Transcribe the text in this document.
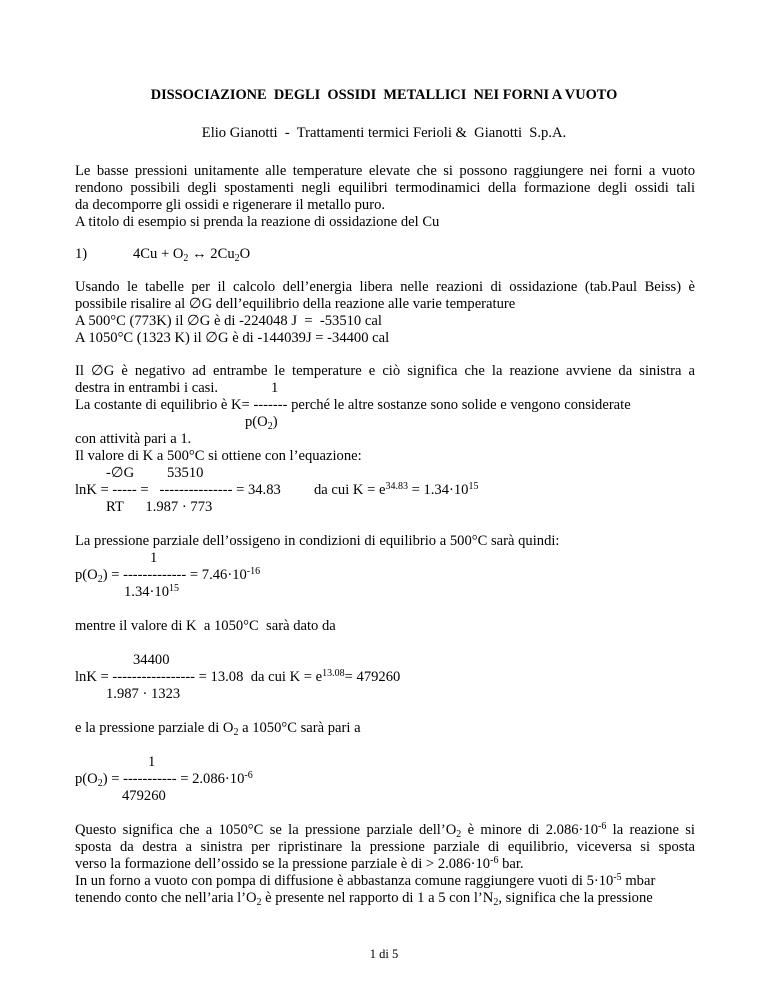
DISSOCIAZIONE  DEGLI  OSSIDI  METALLICI  NEI FORNI A VUOTO
Elio Gianotti  -  Trattamenti termici Ferioli &  Gianotti  S.p.A.
Le basse pressioni unitamente alle temperature elevate che si possono raggiungere nei forni a vuoto
rendono possibili degli spostamenti negli equilibri termodinamici della formazione degli ossidi tali
da decomporre gli ossidi e rigenerare il metallo puro.
A titolo di esempio si prenda la reazione di ossidazione del Cu
1)	$4Cu + O_2$ ↔ $2Cu_2O$
Usando le tabelle per il calcolo dell’energia libera nelle reazioni di ossidazione (tab.Paul Beiss) è
possibile risalire al ∅G dell’equilibrio della reazione alle varie temperature
A 500°C (773K) il ∅G è di -224048 J  =  -53510 cal
A 1050°C (1323 K) il ∅G è di -144039J = -34400 cal
Il ∅G è negativo ad entrambe le temperature e ciò significa che la reazione avviene da sinistra a
destra in entrambi i casi.	1
La costante di equilibrio è K= ------- perché le altre sostanze sono solide e vengono considerate
$p(O_2)$
con attività pari a 1.
Il valore di K a 500°C si ottiene con l’equazione:
-∅G         53510
lnK = ----- =   --------------- = 34.83 da cui $K = e^{34.83} = 1.34\cdot 10^{15}$
RT      1.987 · 773
La pressione parziale dell’ossigeno in condizioni di equilibrio a 500°C sarà quindi:
1
$p(O_2)$ = ------------- = $7.46\cdot 10^{-16}$
$1.34\cdot 10^{15}$
mentre il valore di K  a 1050°C  sarà dato da
34400
lnK = ----------------- = 13.08  da cui $K = e^{13.08}= 479260$
1.987 · 1323
e la pressione parziale di $O_2$ a 1050°C sarà pari a
1
$p(O_2)$ = ----------- = $2.086\cdot 10^{-6}$
479260
Questo significa che a 1050°C se la pressione parziale $dell’O_2$ è minore di $2.086\cdot 10^{-6}$ la reazione si
sposta da destra a sinistra per ripristinare la pressione parziale di equilibrio, viceversa si sposta
verso la formazione dell’ossido se la pressione parziale è di > $2.086\cdot 10^{-6}$ bar.
In un forno a vuoto con pompa di diffusione è abbastanza comune raggiungere vuoti di $5\cdot 10^{-5}$ mbar
tenendo conto che nell’aria $l’O_2$ è presente nel rapporto di 1 a 5 con $l’N_2$, significa che la pressione
1 di 5
